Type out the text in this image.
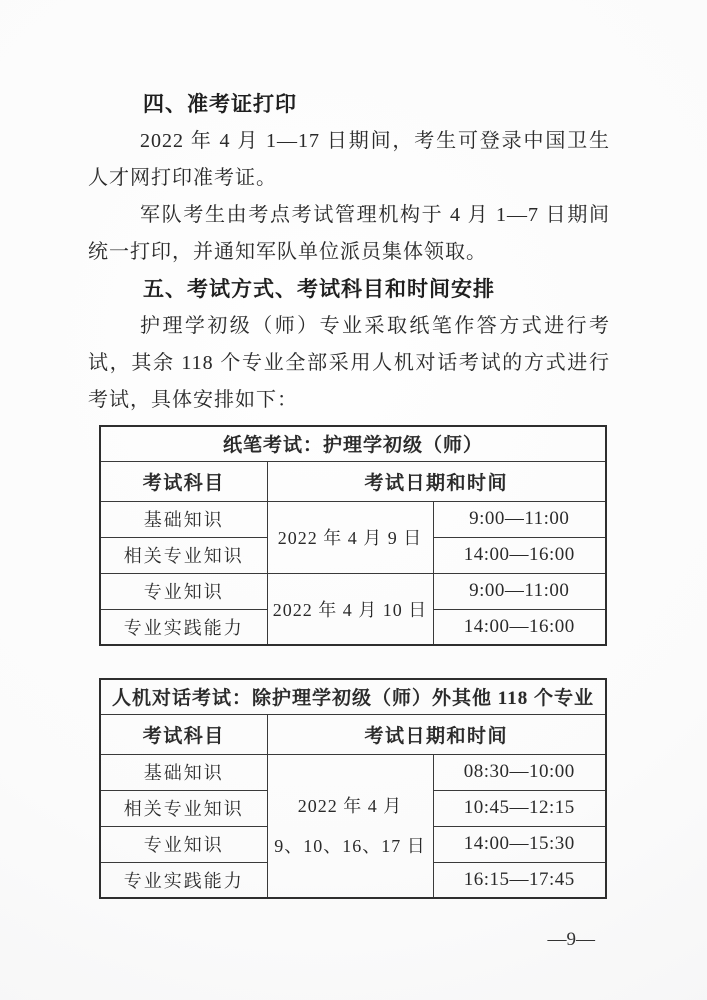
四、准考证打印

2022 年 4 月 1—17 日期间，考生可登录中国卫生人才网打印准考证。

军队考生由考点考试管理机构于 4 月 1—7 日期间统一打印，并通知军队单位派员集体领取。

五、考试方式、考试科目和时间安排

护理学初级（师）专业采取纸笔作答方式进行考试，其余 118 个专业全部采用人机对话考试的方式进行考试，具体安排如下：

纸笔考试：护理学初级（师）		
考试科目	考试日期和时间	
基础知识	2022 年 4 月 9 日	9:00—11:00
相关专业知识		14:00—16:00
专业知识	2022 年 4 月 10 日	9:00—11:00
专业实践能力		14:00—16:00
人机对话考试：除护理学初级（师）外其他 118 个专业		
考试科目	考试日期和时间	
基础知识	2022 年 4 月
9、10、16、17 日	08:30—10:00
相关专业知识		10:45—12:15
专业知识		14:00—15:30
专业实践能力		16:15—17:45
—9—
